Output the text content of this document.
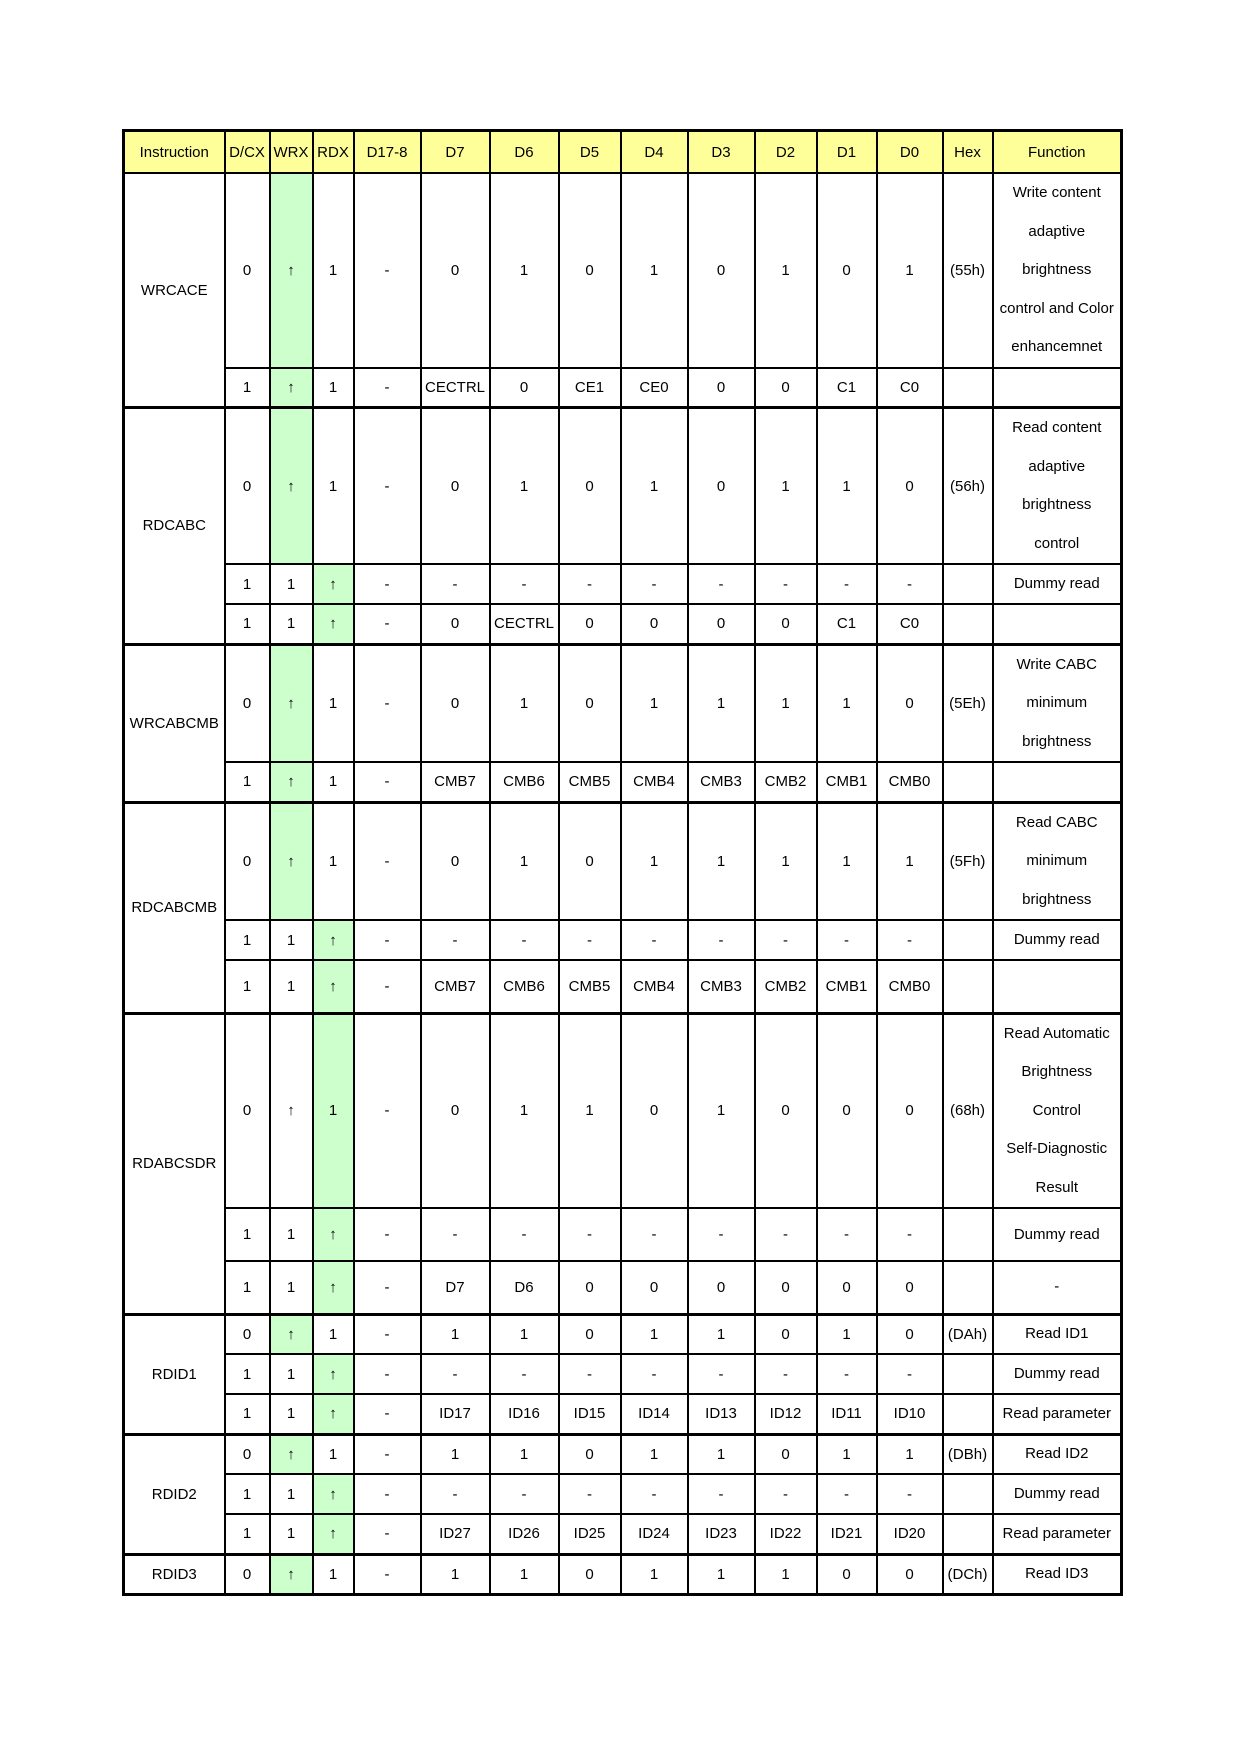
Instruction	D/CX	WRX	RDX	D17-8	D7	D6	D5	D4	D3	D2	D1	D0	Hex	Function
WRCACE	0	↑	1	-	0	1	0	1	0	1	0	1	(55h)	Write content
adaptive
brightness
control and Color
enhancemnet

	1	↑	1	-	CECTRL	0	CE1	CE0	0	0	C1	C0		
RDCABC	0	↑	1	-	0	1	0	1	0	1	1	0	(56h)	Read content
adaptive
brightness
control

	1	1	↑	-	-	-	-	-	-	-	-	-		Dummy read

	1	1	↑	-	0	CECTRL	0	0	0	0	C1	C0		
WRCABCMB	0	↑	1	-	0	1	0	1	1	1	1	0	(5Eh)	Write CABC
minimum
brightness

	1	↑	1	-	CMB7	CMB6	CMB5	CMB4	CMB3	CMB2	CMB1	CMB0		
RDCABCMB	0	↑	1	-	0	1	0	1	1	1	1	1	(5Fh)	Read CABC
minimum
brightness

	1	1	↑	-	-	-	-	-	-	-	-	-		Dummy read

	1	1	↑	-	CMB7	CMB6	CMB5	CMB4	CMB3	CMB2	CMB1	CMB0		
RDABCSDR	0	↑	1	-	0	1	1	0	1	0	0	0	(68h)	Read Automatic
Brightness
Control
Self-Diagnostic
Result

	1	1	↑	-	-	-	-	-	-	-	-	-		Dummy read

	1	1	↑	-	D7	D6	0	0	0	0	0	0		-

RDID1	0	↑	1	-	1	1	0	1	1	0	1	0	(DAh)	Read ID1

	1	1	↑	-	-	-	-	-	-	-	-	-		Dummy read

	1	1	↑	-	ID17	ID16	ID15	ID14	ID13	ID12	ID11	ID10		Read parameter

RDID2	0	↑	1	-	1	1	0	1	1	0	1	1	(DBh)	Read ID2

	1	1	↑	-	-	-	-	-	-	-	-	-		Dummy read

	1	1	↑	-	ID27	ID26	ID25	ID24	ID23	ID22	ID21	ID20		Read parameter

RDID3	0	↑	1	-	1	1	0	1	1	1	0	0	(DCh)	Read ID3
